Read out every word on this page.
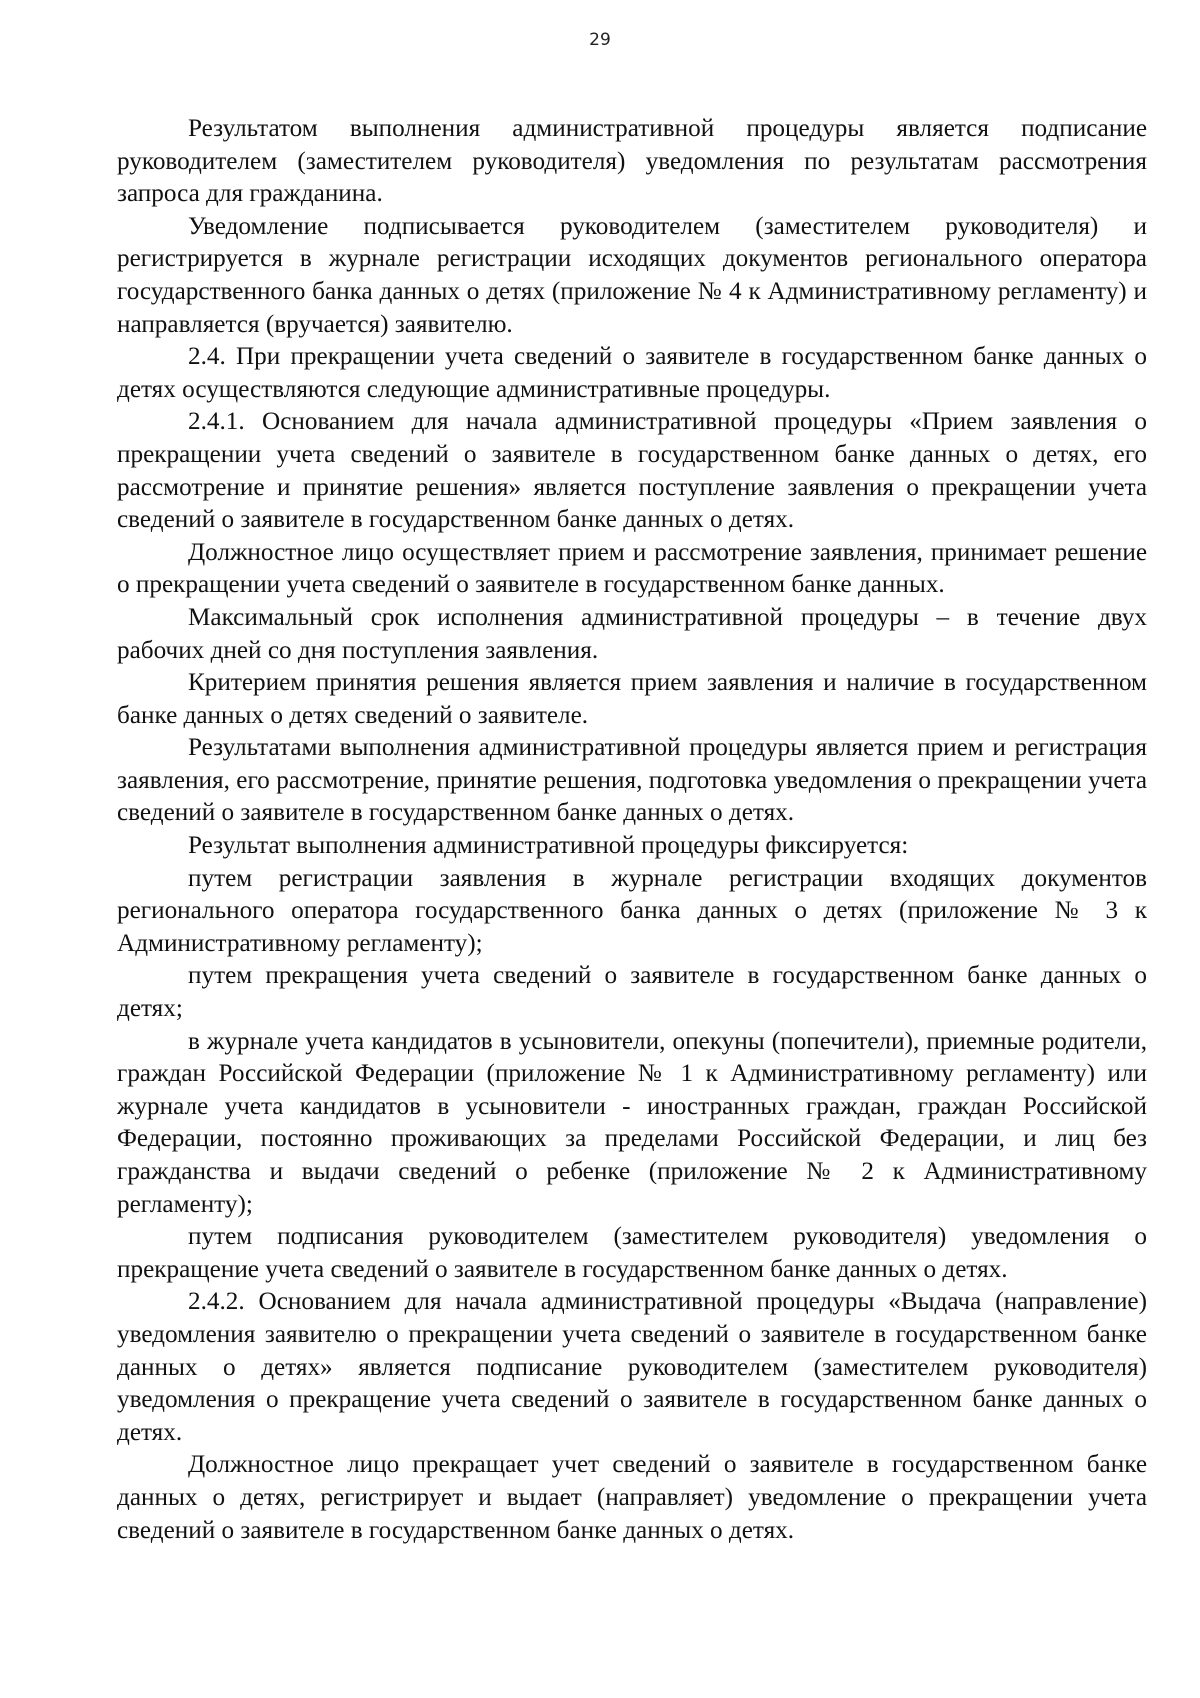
29

Результатом выполнения административной процедуры является подписание руководителем (заместителем руководителя) уведомления по результатам рассмотрения запроса для гражданина.

Уведомление подписывается руководителем (заместителем руководителя) и регистрируется в журнале регистрации исходящих документов регионального оператора государственного банка данных о детях (приложение № 4 к Административному регламенту) и направляется (вручается) заявителю.

2.4. При прекращении учета сведений о заявителе в государственном банке данных о детях осуществляются следующие административные процедуры.

2.4.1. Основанием для начала административной процедуры «Прием заявления о прекращении учета сведений о заявителе в государственном банке данных о детях, его рассмотрение и принятие решения» является поступление заявления о прекращении учета сведений о заявителе в государственном банке данных о детях.

Должностное лицо осуществляет прием и рассмотрение заявления, принимает решение о прекращении учета сведений о заявителе в государственном банке данных.

Максимальный срок исполнения административной процедуры – в течение двух рабочих дней со дня поступления заявления.

Критерием принятия решения является прием заявления и наличие в государственном банке данных о детях сведений о заявителе.

Результатами выполнения административной процедуры является прием и регистрация заявления, его рассмотрение, принятие решения, подготовка уведомления о прекращении учета сведений о заявителе в государственном банке данных о детях.

Результат выполнения административной процедуры фиксируется:

путем регистрации заявления в журнале регистрации входящих документов регионального оператора государственного банка данных о детях (приложение № 3 к Административному регламенту);

путем прекращения учета сведений о заявителе в государственном банке данных о детях;

в журнале учета кандидатов в усыновители, опекуны (попечители), приемные родители, граждан Российской Федерации (приложение № 1 к Административному регламенту) или журнале учета кандидатов в усыновители - иностранных граждан, граждан Российской Федерации, постоянно проживающих за пределами Российской Федерации, и лиц без гражданства и выдачи сведений о ребенке (приложение № 2 к Административному регламенту);

путем подписания руководителем (заместителем руководителя) уведомления о прекращение учета сведений о заявителе в государственном банке данных о детях.

2.4.2. Основанием для начала административной процедуры «Выдача (направление) уведомления заявителю о прекращении учета сведений о заявителе в государственном банке данных о детях» является подписание руководителем (заместителем руководителя) уведомления о прекращение учета сведений о заявителе в государственном банке данных о детях.

Должностное лицо прекращает учет сведений о заявителе в государственном банке данных о детях, регистрирует и выдает (направляет) уведомление о прекращении учета сведений о заявителе в государственном банке данных о детях.
